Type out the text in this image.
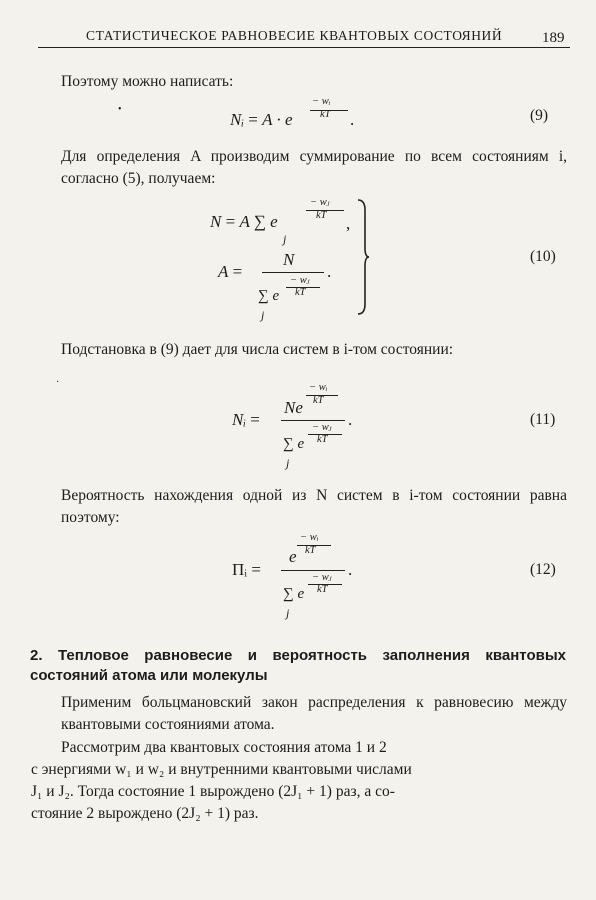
СТАТИСТИЧЕСКОЕ РАВНОВЕСИЕ КВАНТОВЫХ СОСТОЯНИЙ	189
Поэтому можно написать:
•
Nᵢ = A · e
− wᵢ
kT .	(9)
Для определения A производим суммирование по всем состояниям i, согласно (5), получаем:
N = A ∑ e
j
− wⱼ
kT ,
A =
N
∑ e
j
− wⱼ
kT
.
(10)
Подстановка в (9) дает для числа систем в i-том состоянии:
·
Nᵢ =
Ne
− wᵢ
kT
∑ e
j
− wⱼ
kT
.	(11)
Вероятность нахождения одной из N систем в i-том состоянии равна поэтому:
Пᵢ =
e
− wᵢ
kT
∑ e
j
− wⱼ
kT
.	(12)
2. Тепловое равновесие и вероятность заполнения квантовых состояний атома или молекулы
Применим больцмановский закон распределения к равновесию между квантовыми состояниями атома.
Рассмотрим два квантовых состояния атома 1 и 2
с энергиями w₁ и w₂ и внутренними квантовыми числами
J₁ и J₂. Тогда состояние 1 вырождено (2J₁ + 1) раз, а со-
стояние 2 вырождено (2J₂ + 1) раз.
